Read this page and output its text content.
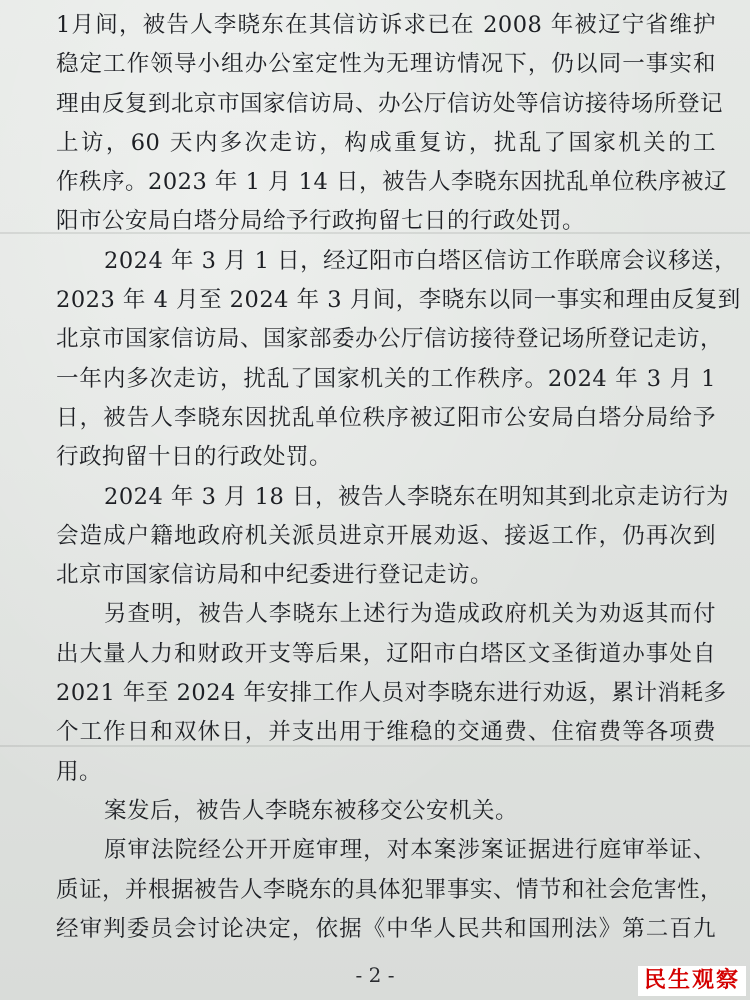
1月间，被告人李晓东在其信访诉求已在 2008 年被辽宁省维护
稳定工作领导小组办公室定性为无理访情况下，仍以同一事实和
理由反复到北京市国家信访局、办公厅信访处等信访接待场所登记
上访，60 天内多次走访，构成重复访，扰乱了国家机关的工
作秩序。2023 年 1 月 14 日，被告人李晓东因扰乱单位秩序被辽
阳市公安局白塔分局给予行政拘留七日的行政处罚。
2024 年 3 月 1 日，经辽阳市白塔区信访工作联席会议移送，
2023 年 4 月至 2024 年 3 月间，李晓东以同一事实和理由反复到
北京市国家信访局、国家部委办公厅信访接待登记场所登记走访，
一年内多次走访，扰乱了国家机关的工作秩序。2024 年 3 月 1
日，被告人李晓东因扰乱单位秩序被辽阳市公安局白塔分局给予
行政拘留十日的行政处罚。
2024 年 3 月 18 日，被告人李晓东在明知其到北京走访行为
会造成户籍地政府机关派员进京开展劝返、接返工作，仍再次到
北京市国家信访局和中纪委进行登记走访。
另查明，被告人李晓东上述行为造成政府机关为劝返其而付
出大量人力和财政开支等后果，辽阳市白塔区文圣街道办事处自
2021 年至 2024 年安排工作人员对李晓东进行劝返，累计消耗多
个工作日和双休日，并支出用于维稳的交通费、住宿费等各项费
用。
案发后，被告人李晓东被移交公安机关。
原审法院经公开开庭审理，对本案涉案证据进行庭审举证、
质证，并根据被告人李晓东的具体犯罪事实、情节和社会危害性，
经审判委员会讨论决定，依据《中华人民共和国刑法》第二百九
- 2 -	民生观察
